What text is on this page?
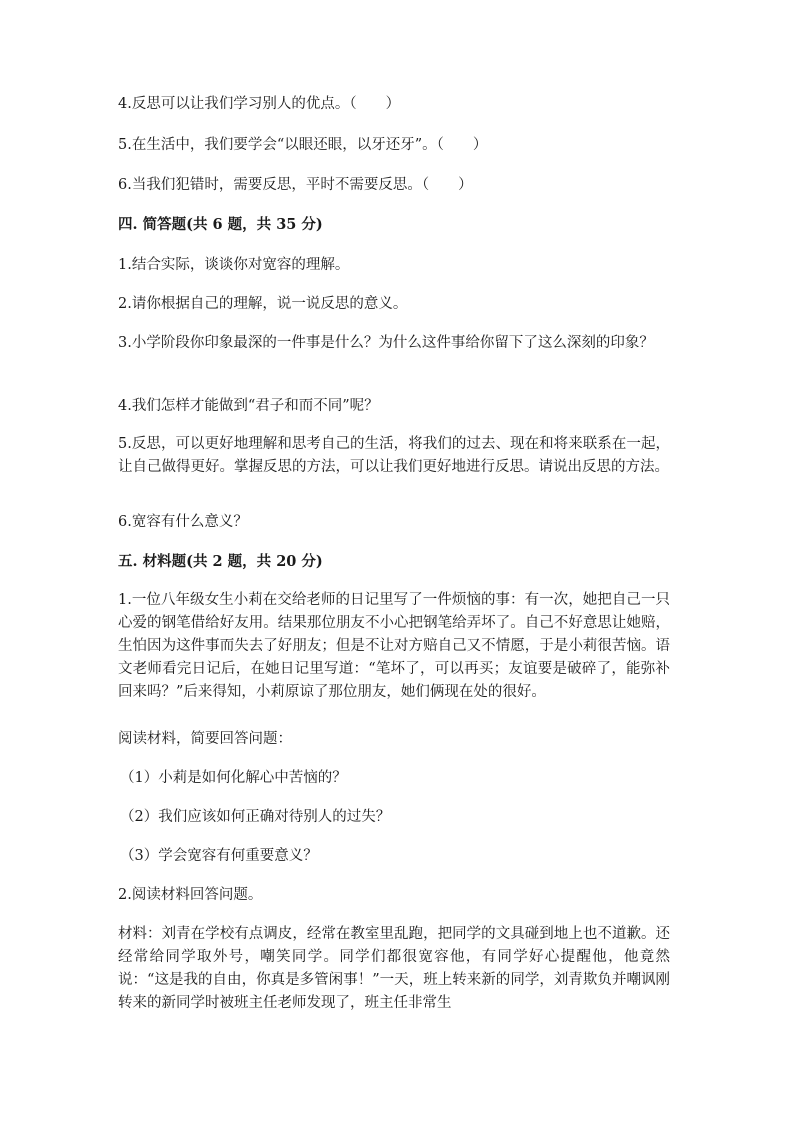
4.反思可以让我们学习别人的优点。（　　）

5.在生活中，我们要学会“以眼还眼，以牙还牙”。（　　）

6.当我们犯错时，需要反思，平时不需要反思。（　　）

四. 简答题(共 6 题，共 35 分)

1.结合实际，谈谈你对宽容的理解。

2.请你根据自己的理解，说一说反思的意义。

3.小学阶段你印象最深的一件事是什么？为什么这件事给你留下了这么深刻的印象？

4.我们怎样才能做到“君子和而不同”呢？

5.反思，可以更好地理解和思考自己的生活，将我们的过去、现在和将来联系在一起，让自己做得更好。掌握反思的方法，可以让我们更好地进行反思。请说出反思的方法。

6.宽容有什么意义？

五. 材料题(共 2 题，共 20 分)

1.一位八年级女生小莉在交给老师的日记里写了一件烦恼的事：有一次，她把自己一只心爱的钢笔借给好友用。结果那位朋友不小心把钢笔给弄坏了。自己不好意思让她赔，生怕因为这件事而失去了好朋友；但是不让对方赔自己又不情愿，于是小莉很苦恼。语文老师看完日记后，在她日记里写道：“笔坏了，可以再买；友谊要是破碎了，能弥补回来吗？”后来得知，小莉原谅了那位朋友，她们俩现在处的很好。

阅读材料，简要回答问题：

（1）小莉是如何化解心中苦恼的？

（2）我们应该如何正确对待别人的过失？

（3）学会宽容有何重要意义？

2.阅读材料回答问题。

材料：刘青在学校有点调皮，经常在教室里乱跑，把同学的文具碰到地上也不道歉。还经常给同学取外号，嘲笑同学。同学们都很宽容他，有同学好心提醒他，他竟然说：“这是我的自由，你真是多管闲事！”一天，班上转来新的同学，刘青欺负并嘲讽刚转来的新同学时被班主任老师发现了，班主任非常生
